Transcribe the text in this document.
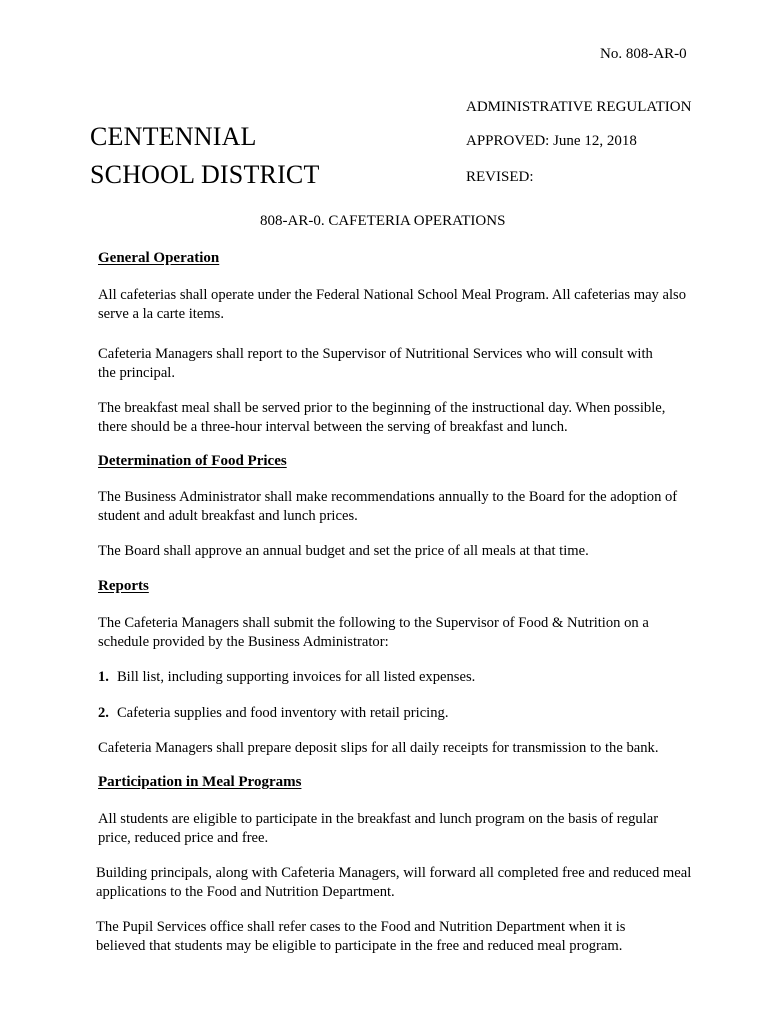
No. 808-AR-0
ADMINISTRATIVE REGULATION
APPROVED: June 12, 2018
REVISED:
CENTENNIAL
SCHOOL DISTRICT
808-AR-0. CAFETERIA OPERATIONS
General Operation
All cafeterias shall operate under the Federal National School Meal Program. All cafeterias may also
serve a la carte items.
Cafeteria Managers shall report to the Supervisor of Nutritional Services who will consult with
the principal.
The breakfast meal shall be served prior to the beginning of the instructional day. When possible,
there should be a three-hour interval between the serving of breakfast and lunch.
Determination of Food Prices
The Business Administrator shall make recommendations annually to the Board for the adoption of
student and adult breakfast and lunch prices.
The Board shall approve an annual budget and set the price of all meals at that time.
Reports
The Cafeteria Managers shall submit the following to the Supervisor of Food & Nutrition on a
schedule provided by the Business Administrator:
1. Bill list, including supporting invoices for all listed expenses.
2. Cafeteria supplies and food inventory with retail pricing.
Cafeteria Managers shall prepare deposit slips for all daily receipts for transmission to the bank.
Participation in Meal Programs
All students are eligible to participate in the breakfast and lunch program on the basis of regular
price, reduced price and free.
Building principals, along with Cafeteria Managers, will forward all completed free and reduced meal
applications to the Food and Nutrition Department.
The Pupil Services office shall refer cases to the Food and Nutrition Department when it is
believed that students may be eligible to participate in the free and reduced meal program.
